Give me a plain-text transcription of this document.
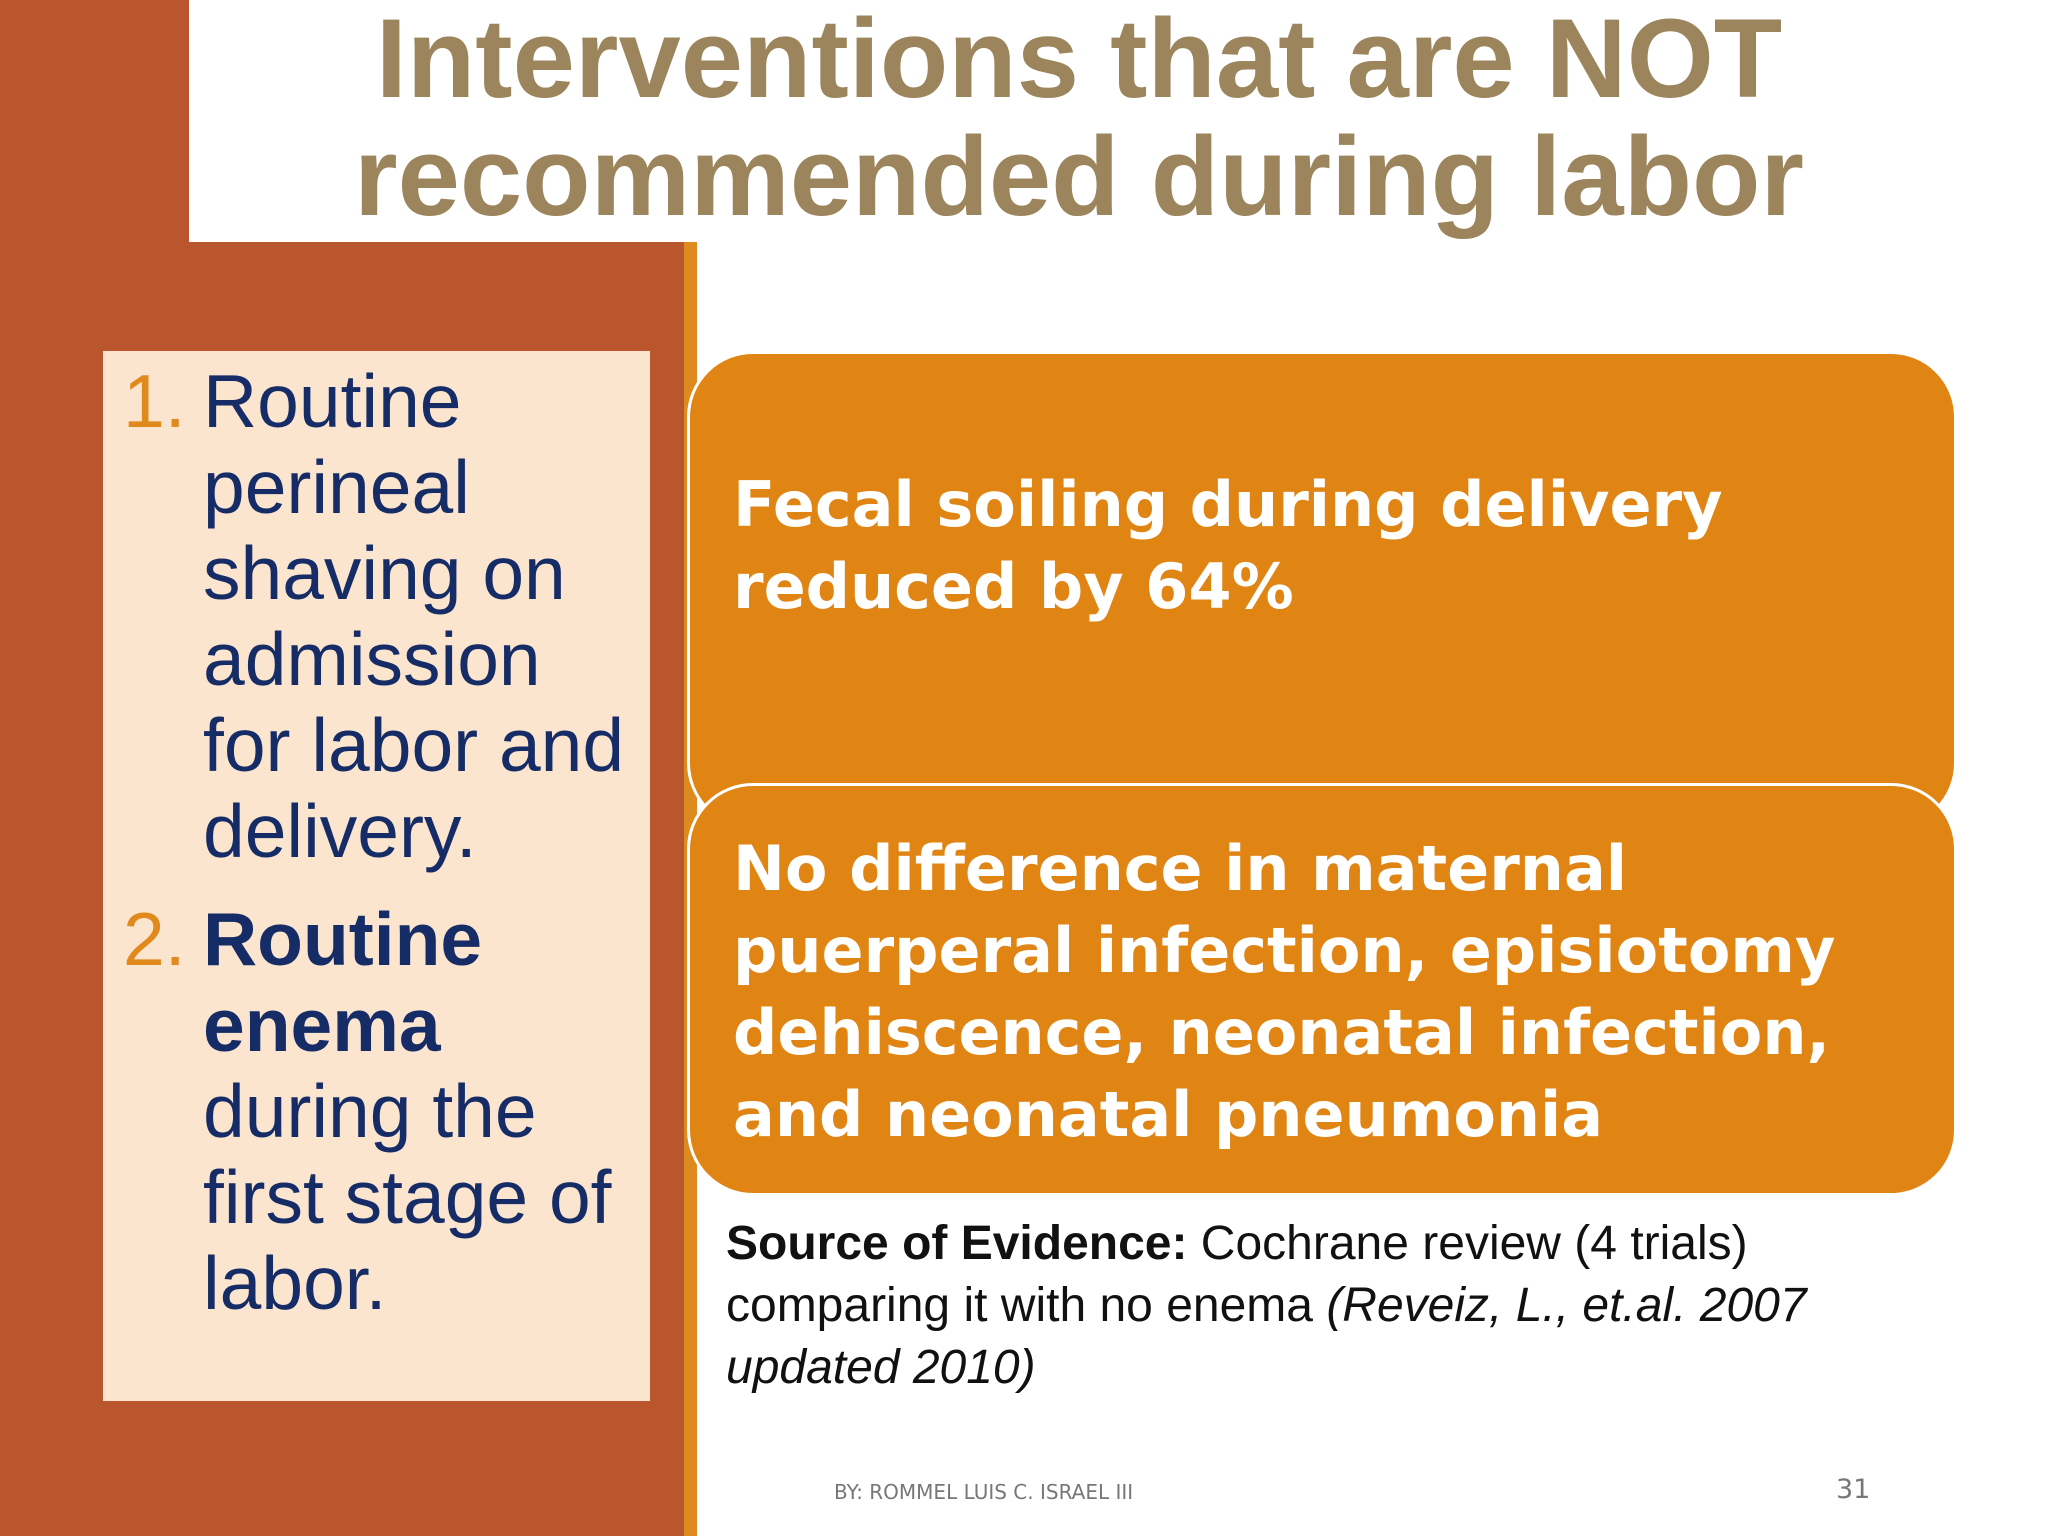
Interventions that are NOT
recommended during labor
1. Routine perineal shaving on admission for labor and delivery.
2. Routine enema during the first stage of labor.
Fecal soiling during delivery reduced by 64%
No difference in maternal puerperal infection, episiotomy dehiscence, neonatal infection, and neonatal pneumonia
Source of Evidence: Cochrane review (4 trials) comparing it with no enema (Reveiz, L., et.al. 2007 updated 2010)
BY: ROMMEL LUIS C. ISRAEL III	31
